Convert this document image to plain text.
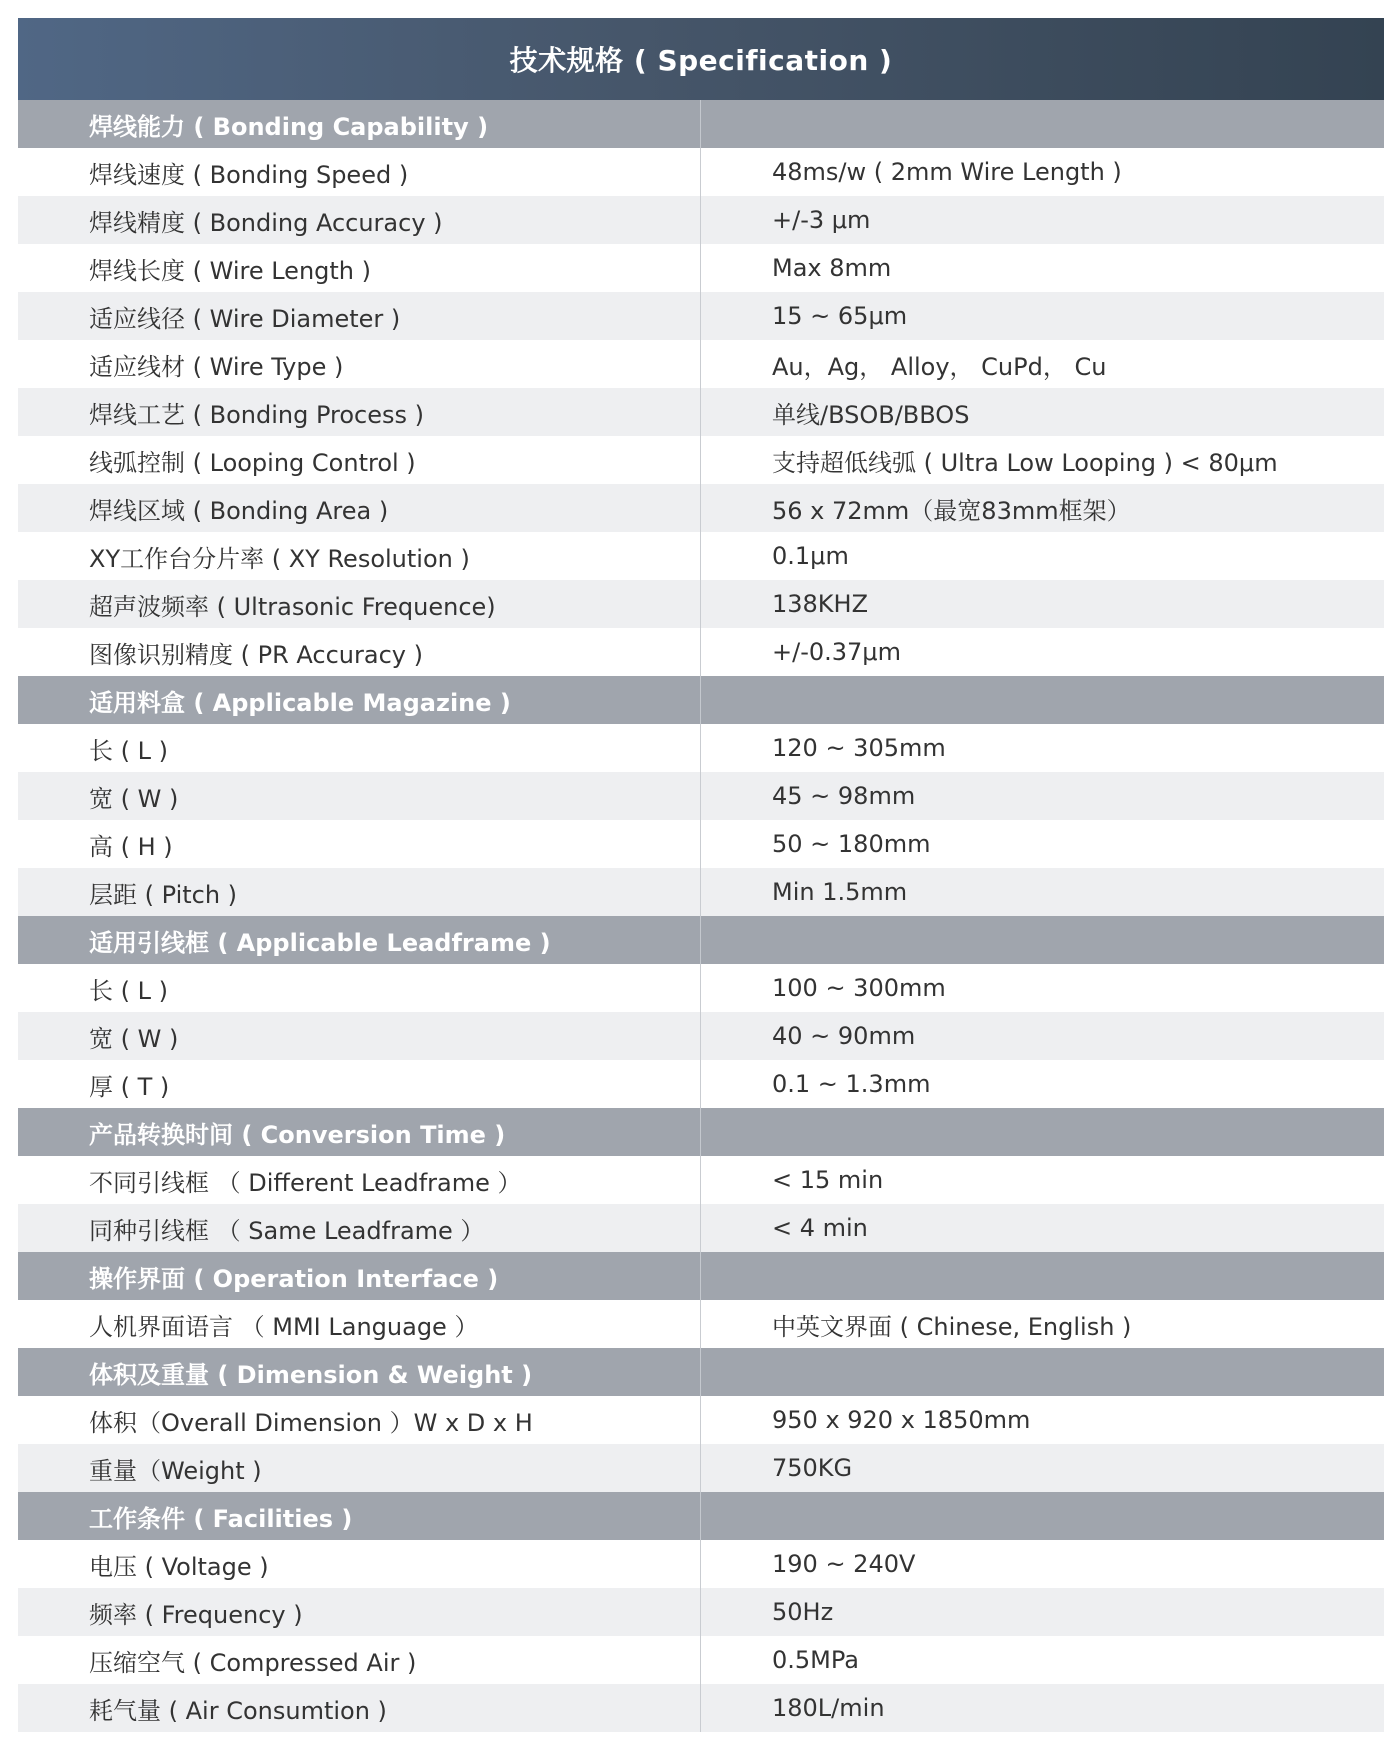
技术规格 ( Specification )
焊线能力 ( Bonding Capability )
焊线速度 ( Bonding Speed )	48ms/w ( 2mm Wire Length )
焊线精度 ( Bonding Accuracy )	+/-3 μm
焊线长度 ( Wire Length )	Max 8mm
适应线径 ( Wire Diameter )	15 ~ 65μm
适应线材 ( Wire Type )	Au，Ag， Alloy， CuPd， Cu
焊线工艺 ( Bonding Process )	单线/BSOB/BBOS
线弧控制 ( Looping Control )	支持超低线弧 ( Ultra Low Looping ) < 80μm
焊线区域 ( Bonding Area )	56 x 72mm（最宽83mm框架）
XY工作台分片率 ( XY Resolution )	0.1μm
超声波频率 ( Ultrasonic Frequence)	138KHZ
图像识别精度 ( PR Accuracy )	+/-0.37μm
适用料盒 ( Applicable Magazine )
长 ( L )	120 ~ 305mm
宽 ( W )	45 ~ 98mm
高 ( H )	50 ~ 180mm
层距 ( Pitch )	Min 1.5mm
适用引线框 ( Applicable Leadframe )
长 ( L )	100 ~ 300mm
宽 ( W )	40 ~ 90mm
厚 ( T )	0.1 ~ 1.3mm
产品转换时间 ( Conversion Time )
不同引线框 （ Different Leadframe ）	< 15 min
同种引线框 （ Same Leadframe ）	< 4 min
操作界面 ( Operation Interface )
人机界面语言 （ MMI Language ）	中英文界面 ( Chinese, English )
体积及重量 ( Dimension & Weight )
体积（Overall Dimension ）W x D x H	950 x 920 x 1850mm
重量（Weight )	750KG
工作条件 ( Facilities )
电压 ( Voltage )	190 ~ 240V
频率 ( Frequency )	50Hz
压缩空气 ( Compressed Air )	0.5MPa
耗气量 ( Air Consumtion )	180L/min
